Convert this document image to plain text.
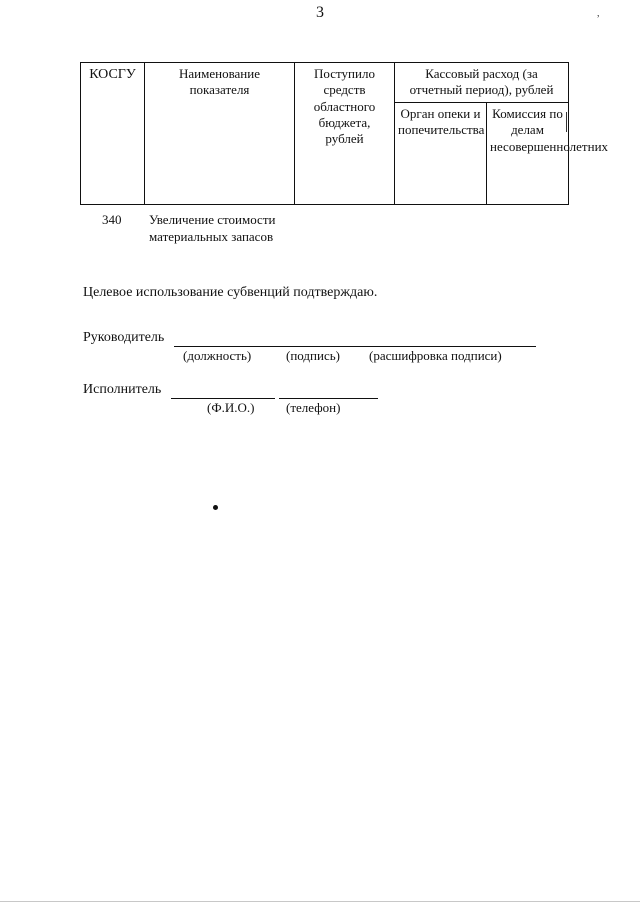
3	,
КОСГУ	Наименование показателя	Поступило средств областного бюджета, рублей	Кассовый расход (за отчетный период), рублей	
			Орган опеки и попечительства	Комиссия по делам несовершеннолетних
340 Увеличение стоимости материальных запасов
Целевое использование субвенций подтверждаю.
Руководитель
(должность)	(подпись) (расшифровка подписи)
Исполнитель
(Ф.И.О.) (телефон)
